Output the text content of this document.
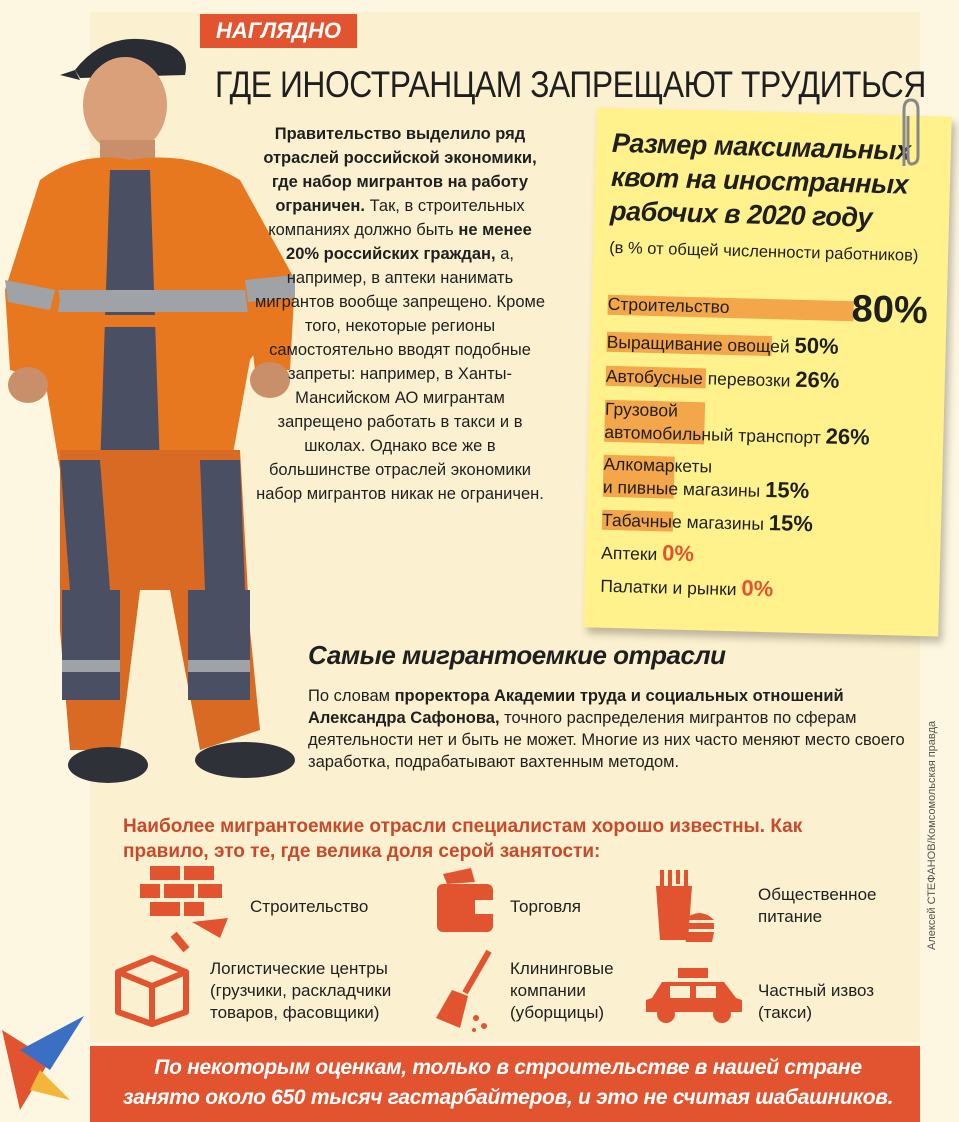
НАГЛЯДНО
ГДЕ ИНОСТРАНЦАМ ЗАПРЕЩАЮТ ТРУДИТЬСЯ
Правительство выделило ряд отраслей российской экономики, где набор мигрантов на работу ограничен. Так, в строительных компаниях должно быть не менее 20% российских граждан, а, например, в аптеки нанимать мигрантов вообще запрещено. Кроме того, некоторые регионы самостоятельно вводят подобные запреты: например, в Ханты-Мансийском АО мигрантам запрещено работать в такси и в школах. Однако все же в большинстве отраслей экономики набор мигрантов никак не ограничен.
Размер максимальных квот на иностранных рабочих в 2020 году
(в % от общей численности работников)
Строительство	80%
Выращивание овощей 50%
Автобусные перевозки 26%
Грузовой
автомобильный транспорт 26%
Алкомаркеты
и пивные магазины 15%
Табачные магазины 15%
Аптеки 0%
Палатки и рынки 0%
Самые мигрантоемкие отрасли
По словам проректора Академии труда и социальных отношений Александра Сафонова, точного распределения мигрантов по сферам деятельности нет и быть не может. Многие из них часто меняют место своего заработка, подрабатывают вахтенным методом.
Наиболее мигрантоемкие отрасли специалистам хорошо известны. Как правило, это те, где велика доля серой занятости:
Строительство	Торговля
Общественное питание
Логистические центры (грузчики, раскладчики товаров, фасовщики)
Клининговые компании (уборщицы)
Частный извоз (такси)
По некоторым оценкам, только в строительстве в нашей стране занято около 650 тысяч гастарбайтеров, и это не считая шабашников.
Алексей СТЕФАНОВ/Комсомольская правда
